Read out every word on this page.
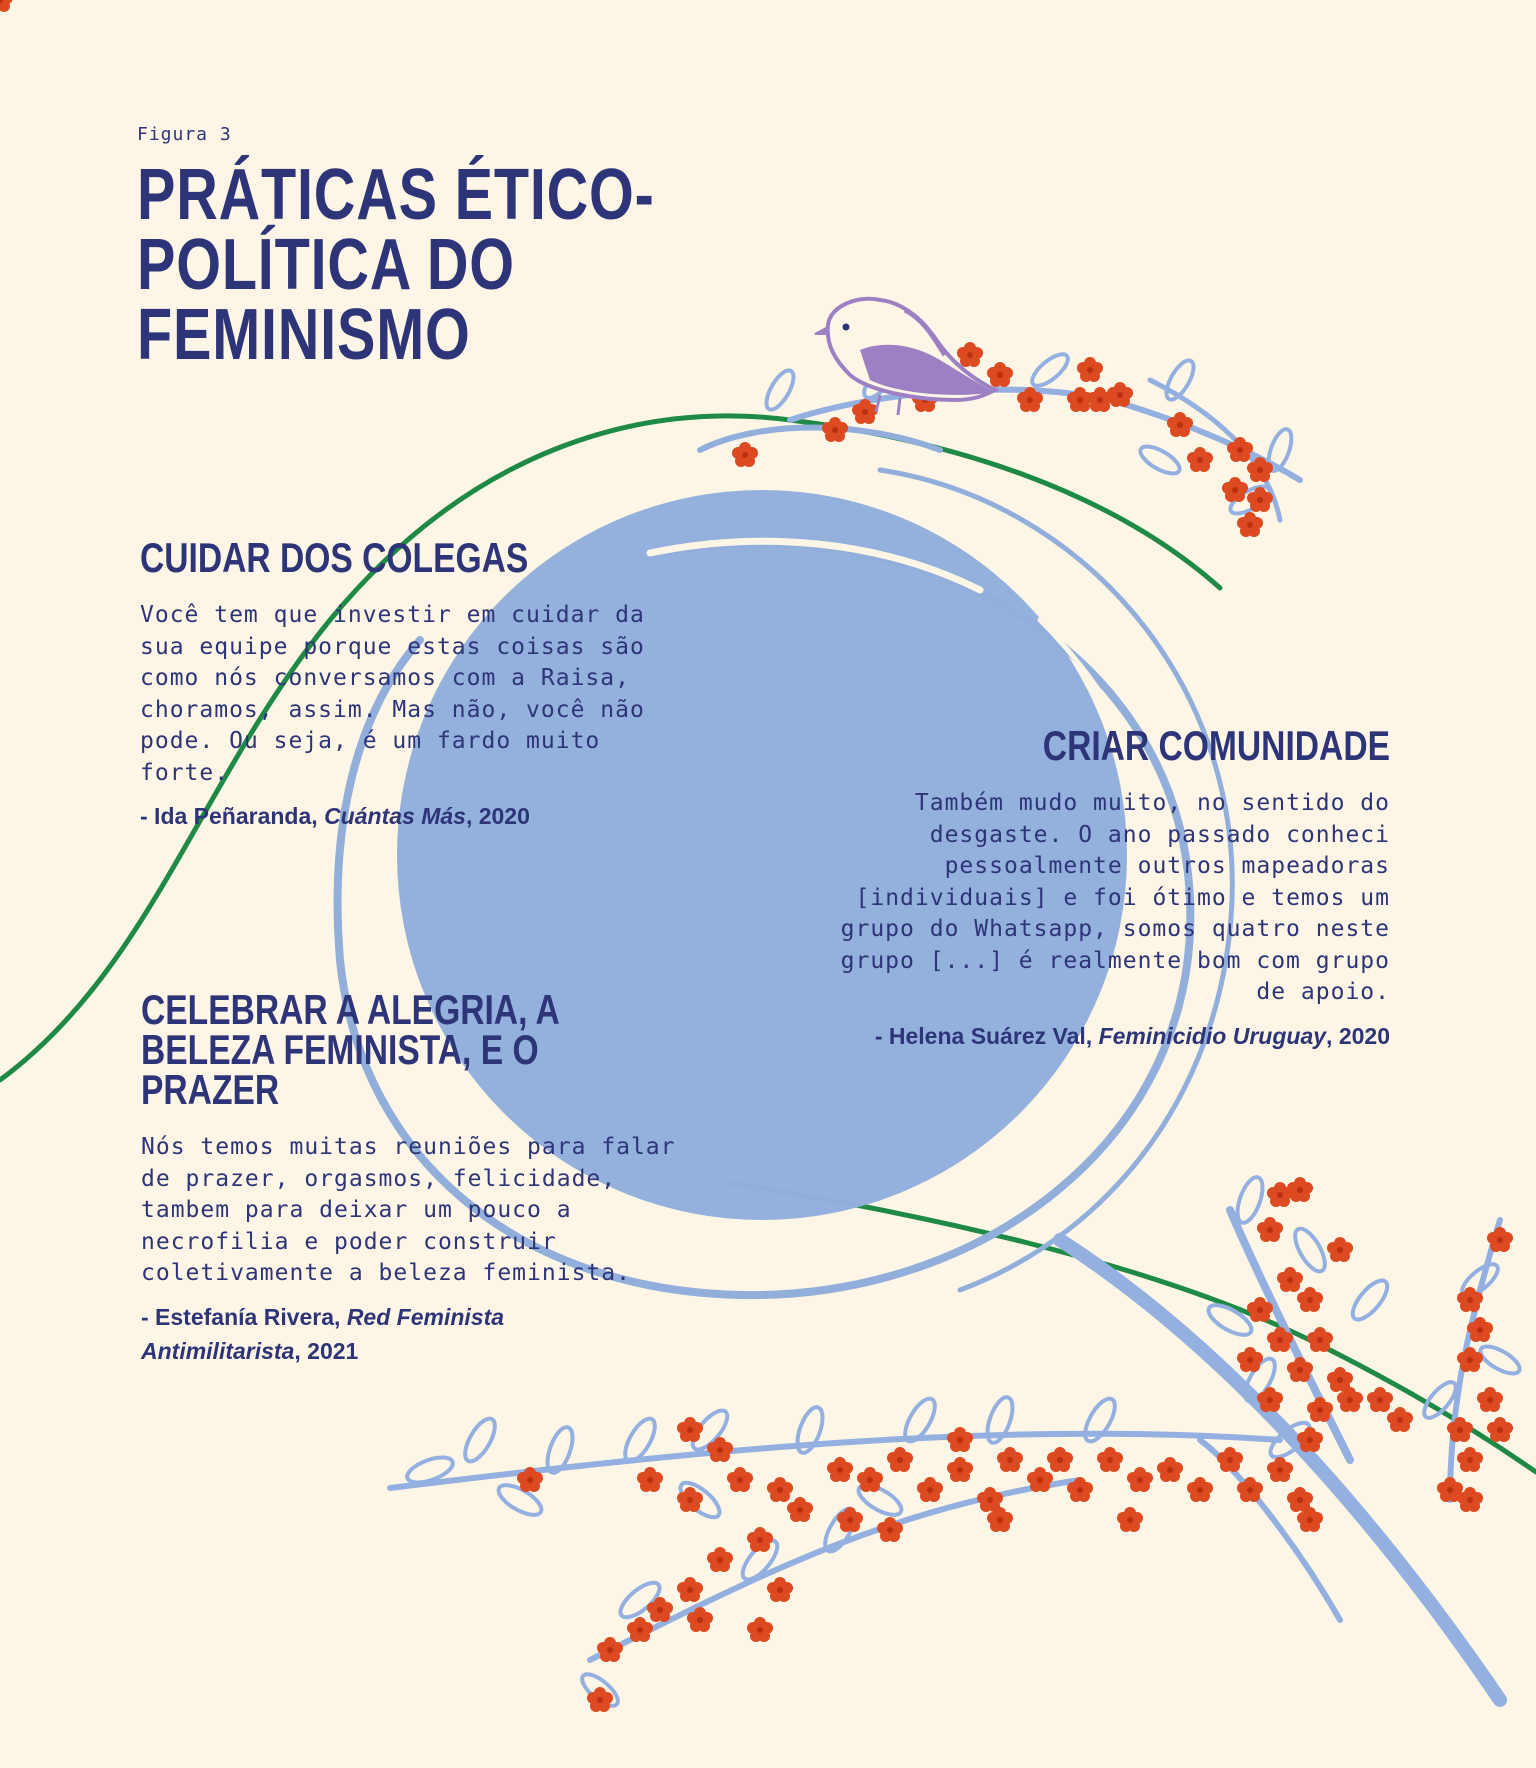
Figura 3
PRÁTICAS ÉTICO-POLÍTICA DO FEMINISMO
CUIDAR DOS COLEGAS

Você tem que investir em cuidar da sua equipe porque estas coisas são como nós conversamos com a Raisa, choramos, assim. Mas não, você não pode. Ou seja, é um fardo muito forte.

- Ida Peñaranda, Cuántas Más, 2020
CRIAR COMUNIDADE

Também mudo muito, no sentido do desgaste. O ano passado conheci pessoalmente outros mapeadoras [individuais] e foi ótimo e temos um grupo do Whatsapp, somos quatro neste grupo [...] é realmente bom com grupo de apoio.

- Helena Suárez Val, Feminicidio Uruguay, 2020
CELEBRAR A ALEGRIA, A BELEZA FEMINISTA, E O PRAZER

Nós temos muitas reuniões para falar de prazer, orgasmos, felicidade, tambem para deixar um pouco a necrofilia e poder construir coletivamente a beleza feminista.

- Estefanía Rivera, Red Feminista Antimilitarista, 2021
